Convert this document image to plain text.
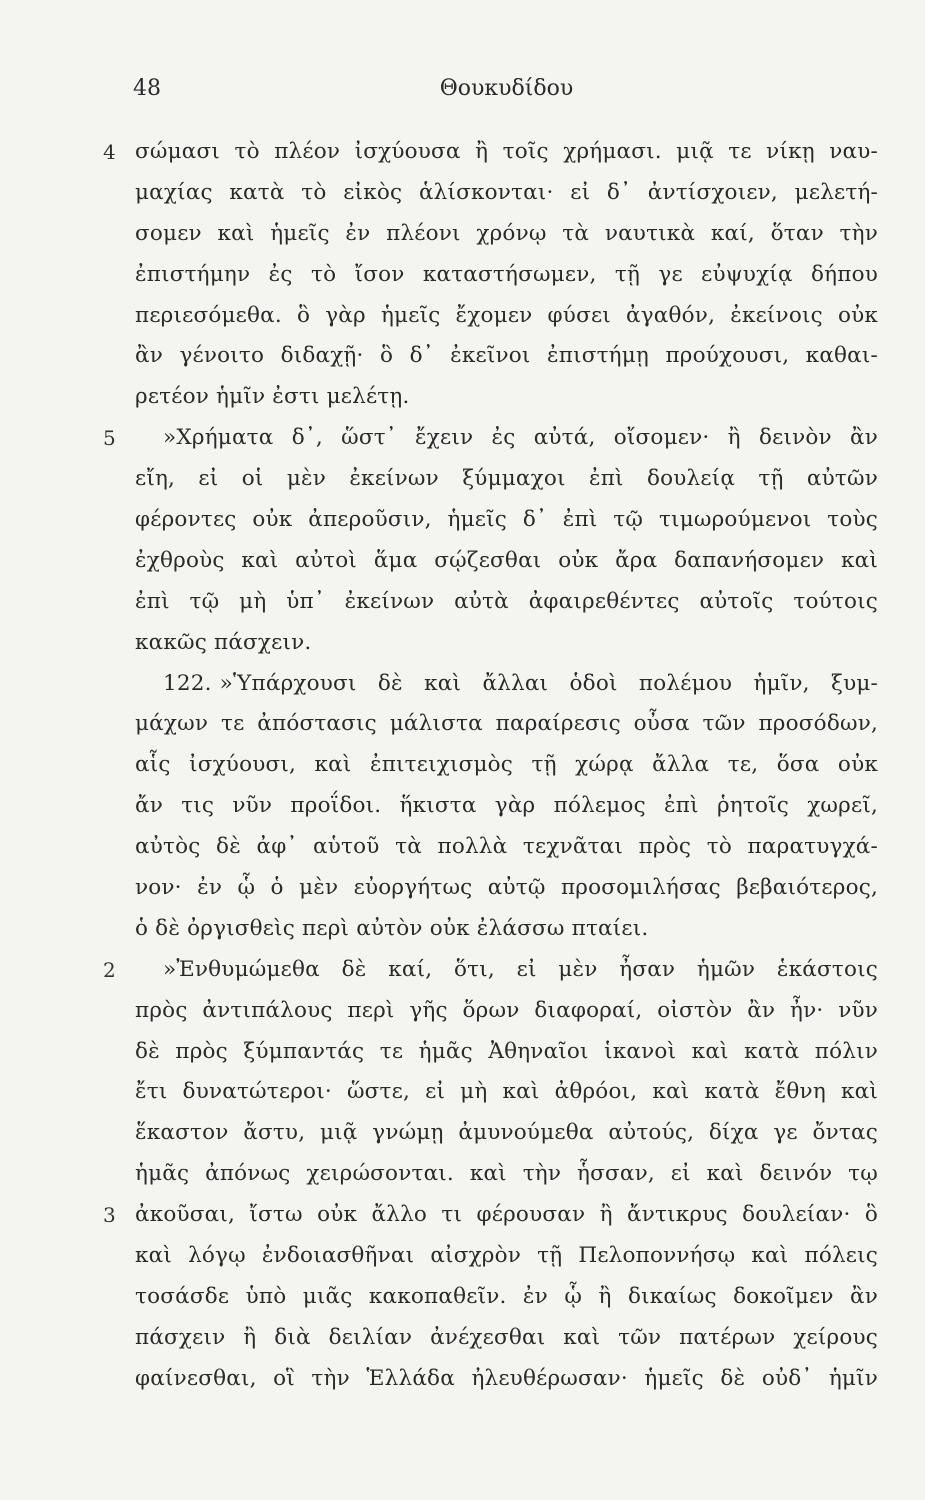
48	Θουκυδίδου
4 σώμασι τὸ πλέον ἰσχύουσα ἢ τοῖς χρήμασι. μιᾷ τε νίκῃ ναυ-
μαχίας κατὰ τὸ εἰκὸς ἁλίσκονται· εἰ δ᾿ ἀντίσχοιεν, μελετή-
σομεν καὶ ἡμεῖς ἐν πλέονι χρόνῳ τὰ ναυτικὰ καί, ὅταν τὴν
ἐπιστήμην ἐς τὸ ἴσον καταστήσωμεν, τῇ γε εὐψυχίᾳ δήπου
περιεσόμεθα. ὃ γὰρ ἡμεῖς ἔχομεν φύσει ἀγαθόν, ἐκείνοις οὐκ
ἂν γένοιτο διδαχῇ· ὃ δ᾿ ἐκεῖνοι ἐπιστήμῃ προύχουσι, καθαι-
ρετέον ἡμῖν ἐστι μελέτῃ.
5	»Χρήματα δ᾿, ὥστ᾿ ἔχειν ἐς αὐτά, οἴσομεν· ἢ δεινὸν ἂν
εἴη, εἰ οἱ μὲν ἐκείνων ξύμμαχοι ἐπὶ δουλείᾳ τῇ αὐτῶν
φέροντες οὐκ ἀπεροῦσιν, ἡμεῖς δ᾿ ἐπὶ τῷ τιμωρούμενοι τοὺς
ἐχθροὺς καὶ αὐτοὶ ἅμα σῴζεσθαι οὐκ ἄρα δαπανήσομεν καὶ
ἐπὶ τῷ μὴ ὑπ᾿ ἐκείνων αὐτὰ ἀφαιρεθέντες αὐτοῖς τούτοις
κακῶς πάσχειν.
122. »Ὑπάρχουσι δὲ καὶ ἄλλαι ὁδοὶ πολέμου ἡμῖν, ξυμ-
μάχων τε ἀπόστασις μάλιστα παραίρεσις οὖσα τῶν προσόδων,
αἷς ἰσχύουσι, καὶ ἐπιτειχισμὸς τῇ χώρᾳ ἄλλα τε, ὅσα οὐκ
ἄν τις νῦν προΐδοι. ἥκιστα γὰρ πόλεμος ἐπὶ ῥητοῖς χωρεῖ,
αὐτὸς δὲ ἀφ᾿ αὑτοῦ τὰ πολλὰ τεχνᾶται πρὸς τὸ παρατυγχά-
νον· ἐν ᾧ ὁ μὲν εὐοργήτως αὐτῷ προσομιλήσας βεβαιότερος,
ὁ δὲ ὀργισθεὶς περὶ αὐτὸν οὐκ ἐλάσσω πταίει.
2	»Ἐνθυμώμεθα δὲ καί, ὅτι, εἰ μὲν ἦσαν ἡμῶν ἑκάστοις
πρὸς ἀντιπάλους περὶ γῆς ὅρων διαφοραί, οἰστὸν ἂν ἦν· νῦν
δὲ πρὸς ξύμπαντάς τε ἡμᾶς Ἀθηναῖοι ἱκανοὶ καὶ κατὰ πόλιν
ἔτι δυνατώτεροι· ὥστε, εἰ μὴ καὶ ἀθρόοι, καὶ κατὰ ἔθνη καὶ
ἕκαστον ἄστυ, μιᾷ γνώμῃ ἀμυνούμεθα αὐτούς, δίχα γε ὄντας
ἡμᾶς ἀπόνως χειρώσονται. καὶ τὴν ἧσσαν, εἰ καὶ δεινόν τῳ
3 ἀκοῦσαι, ἴστω οὐκ ἄλλο τι φέρουσαν ἢ ἄντικρυς δουλείαν· ὃ
καὶ λόγῳ ἐνδοιασθῆναι αἰσχρὸν τῇ Πελοποννήσῳ καὶ πόλεις
τοσάσδε ὑπὸ μιᾶς κακοπαθεῖν. ἐν ᾧ ἢ δικαίως δοκοῖμεν ἂν
πάσχειν ἢ διὰ δειλίαν ἀνέχεσθαι καὶ τῶν πατέρων χείρους
φαίνεσθαι, οἳ τὴν Ἑλλάδα ἠλευθέρωσαν· ἡμεῖς δὲ οὐδ᾿ ἡμῖν
